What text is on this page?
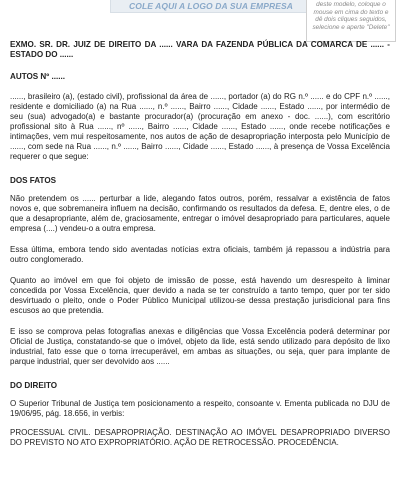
COLE AQUI A LOGO DA SUA EMPRESA	deste modelo, coloque o mouse em cima do texto e dê dois cliques seguidos, selecione e aperte "Delete"

EXMO. SR. DR. JUIZ DE DIREITO DA ...... VARA DA FAZENDA PÚBLICA DA COMARCA DE ...... - ESTADO DO ......

AUTOS Nº ......

......, brasileiro (a), (estado civil), profissional da área de ......, portador (a) do RG n.º ...... e do CPF n.º ......, residente e domiciliado (a) na Rua ......, n.º ......, Bairro ......, Cidade ......, Estado ......, por intermédio de seu (sua) advogado(a) e bastante procurador(a) (procuração em anexo - doc. ......), com escritório profissional sito à Rua ......, nº ......, Bairro ......, Cidade ......, Estado ......, onde recebe notificações e intimações, vem mui respeitosamente, nos autos de ação de desapropriação interposta pelo Município de ......, com sede na Rua ......, n.º ......, Bairro ......, Cidade ......, Estado ......, à presença de Vossa Excelência requerer o que segue:

DOS FATOS

Não pretendem os ...... perturbar a lide, alegando fatos outros, porém, ressalvar a existência de fatos novos e, que sobremaneira influem na decisão, confirmando os resultados da defesa. E, dentre eles, o de que a desapropriante, além de, graciosamente, entregar o imóvel desapropriado para particulares, aquele empresa (....) vendeu-o a outra empresa.

Essa última, embora tendo sido aventadas notícias extra oficiais, também já repassou a indústria para outro conglomerado.

Quanto ao imóvel em que foi objeto de imissão de posse, está havendo um desrespeito à liminar concedida por Vossa Excelência, quer devido a nada se ter construído a tanto tempo, quer por ter sido desvirtuado o pleito, onde o Poder Público Municipal utilizou-se dessa prestação jurisdicional para fins escusos ao que pretendia.

E isso se comprova pelas fotografias anexas e diligências que Vossa Excelência poderá determinar por Oficial de Justiça, constatando-se que o imóvel, objeto da lide, está sendo utilizado para depósito de lixo industrial, fato esse que o torna irrecuperável, em ambas as situações, ou seja, quer para implante de parque industrial, quer ser devolvido aos ......

DO DIREITO

O Superior Tribunal de Justiça tem posicionamento a respeito, consoante v. Ementa publicada no DJU de 19/06/95, pág. 18.656, in verbis:

PROCESSUAL CIVIL. DESAPROPRIAÇÃO. DESTINAÇÃO AO IMÓVEL DESAPROPRIADO DIVERSO DO PREVISTO NO ATO EXPROPRIATÓRIO. AÇÃO DE RETROCESSÃO. PROCEDÊNCIA.
